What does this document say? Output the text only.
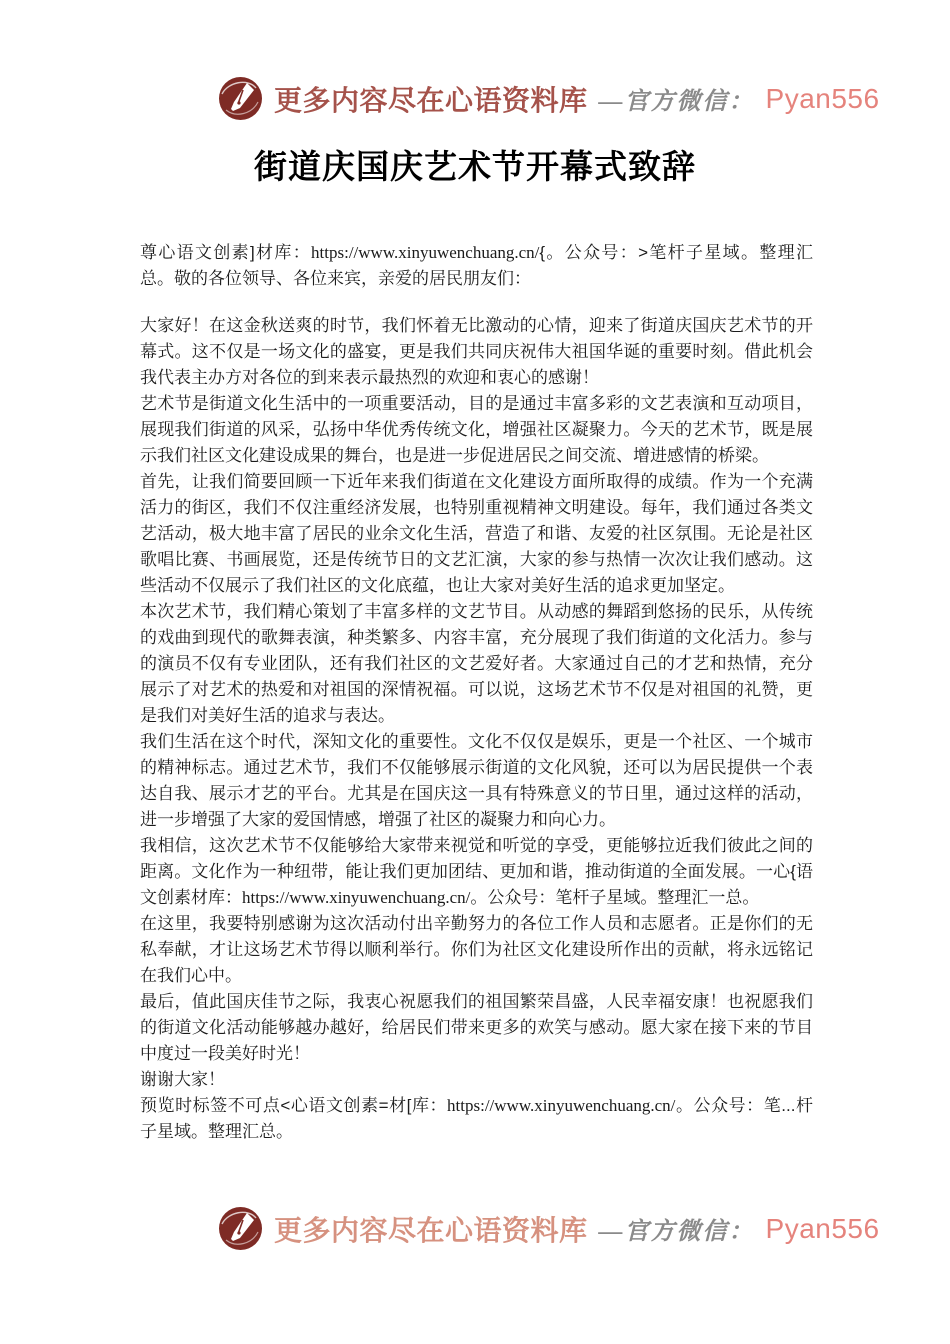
更多内容尽在心语资料库 —官方微信： Pyan556
街道庆国庆艺术节开幕式致辞

尊心语文创素]材库：https://www.xinyuwenchuang.cn/{。公众号：>笔杆子星域。整理汇总。敬的各位领导、各位来宾，亲爱的居民朋友们：

大家好！在这金秋送爽的时节，我们怀着无比激动的心情，迎来了街道庆国庆艺术节的开幕式。这不仅是一场文化的盛宴，更是我们共同庆祝伟大祖国华诞的重要时刻。借此机会我代表主办方对各位的到来表示最热烈的欢迎和衷心的感谢！

艺术节是街道文化生活中的一项重要活动，目的是通过丰富多彩的文艺表演和互动项目，展现我们街道的风采，弘扬中华优秀传统文化，增强社区凝聚力。今天的艺术节，既是展示我们社区文化建设成果的舞台，也是进一步促进居民之间交流、增进感情的桥梁。

首先，让我们简要回顾一下近年来我们街道在文化建设方面所取得的成绩。作为一个充满活力的街区，我们不仅注重经济发展，也特别重视精神文明建设。每年，我们通过各类文艺活动，极大地丰富了居民的业余文化生活，营造了和谐、友爱的社区氛围。无论是社区歌唱比赛、书画展览，还是传统节日的文艺汇演，大家的参与热情一次次让我们感动。这些活动不仅展示了我们社区的文化底蕴，也让大家对美好生活的追求更加坚定。

本次艺术节，我们精心策划了丰富多样的文艺节目。从动感的舞蹈到悠扬的民乐，从传统的戏曲到现代的歌舞表演，种类繁多、内容丰富，充分展现了我们街道的文化活力。参与的演员不仅有专业团队，还有我们社区的文艺爱好者。大家通过自己的才艺和热情，充分展示了对艺术的热爱和对祖国的深情祝福。可以说，这场艺术节不仅是对祖国的礼赞，更是我们对美好生活的追求与表达。

我们生活在这个时代，深知文化的重要性。文化不仅仅是娱乐，更是一个社区、一个城市的精神标志。通过艺术节，我们不仅能够展示街道的文化风貌，还可以为居民提供一个表达自我、展示才艺的平台。尤其是在国庆这一具有特殊意义的节日里，通过这样的活动，进一步增强了大家的爱国情感，增强了社区的凝聚力和向心力。

我相信，这次艺术节不仅能够给大家带来视觉和听觉的享受，更能够拉近我们彼此之间的距离。文化作为一种纽带，能让我们更加团结、更加和谐，推动街道的全面发展。一心{语文创素材库：https://www.xinyuwenchuang.cn/。公众号：笔杆子星域。整理汇一总。

在这里，我要特别感谢为这次活动付出辛勤努力的各位工作人员和志愿者。正是你们的无私奉献，才让这场艺术节得以顺利举行。你们为社区文化建设所作出的贡献，将永远铭记在我们心中。

最后，值此国庆佳节之际，我衷心祝愿我们的祖国繁荣昌盛，人民幸福安康！也祝愿我们的街道文化活动能够越办越好，给居民们带来更多的欢笑与感动。愿大家在接下来的节目中度过一段美好时光！

谢谢大家！

预览时标签不可点<心语文创素=材[库：https://www.xinyuwenchuang.cn/。公众号：笔...杆子星域。整理汇总。

更多内容尽在心语资料库 —官方微信： Pyan556
